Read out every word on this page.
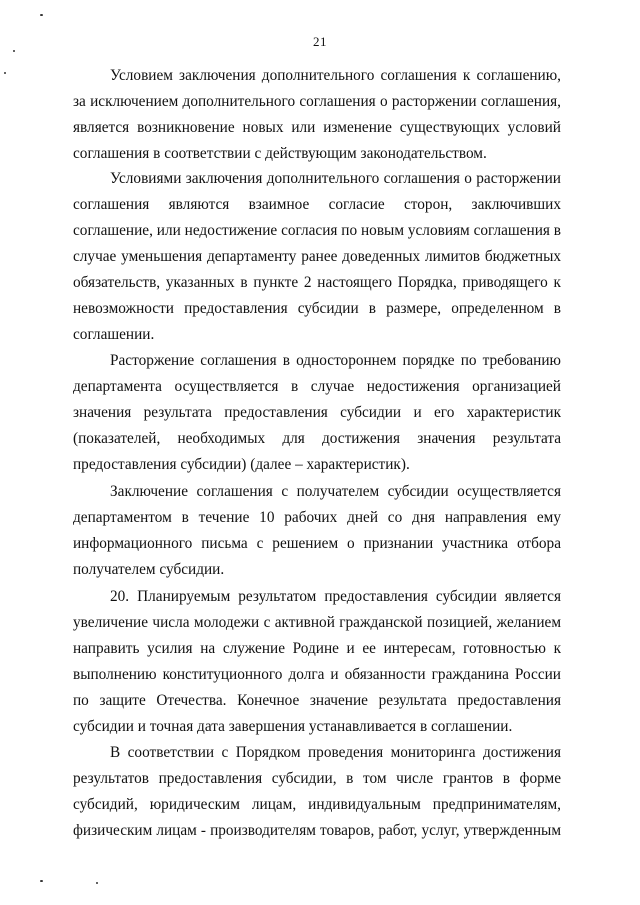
21
Условием заключения дополнительного соглашения к соглашению,
за исключением дополнительного соглашения о расторжении соглашения,
является возникновение новых или изменение существующих условий
соглашения в соответствии с действующим законодательством.
Условиями заключения дополнительного соглашения о расторжении
соглашения являются взаимное согласие сторон, заключивших
соглашение, или недостижение согласия по новым условиям соглашения в
случае уменьшения департаменту ранее доведенных лимитов бюджетных
обязательств, указанных в пункте 2 настоящего Порядка, приводящего к
невозможности предоставления субсидии в размере, определенном в
соглашении.
Расторжение соглашения в одностороннем порядке по требованию
департамента осуществляется в случае недостижения организацией
значения результата предоставления субсидии и его характеристик
(показателей, необходимых для достижения значения результата
предоставления субсидии) (далее – характеристик).
Заключение соглашения с получателем субсидии осуществляется
департаментом в течение 10 рабочих дней со дня направления ему
информационного письма с решением о признании участника отбора
получателем субсидии.
20. Планируемым результатом предоставления субсидии является
увеличение числа молодежи с активной гражданской позицией, желанием
направить усилия на служение Родине и ее интересам, готовностью к
выполнению конституционного долга и обязанности гражданина России
по защите Отечества. Конечное значение результата предоставления
субсидии и точная дата завершения устанавливается в соглашении.
В соответствии с Порядком проведения мониторинга достижения
результатов предоставления субсидии, в том числе грантов в форме
субсидий, юридическим лицам, индивидуальным предпринимателям,
физическим лицам - производителям товаров, работ, услуг, утвержденным
